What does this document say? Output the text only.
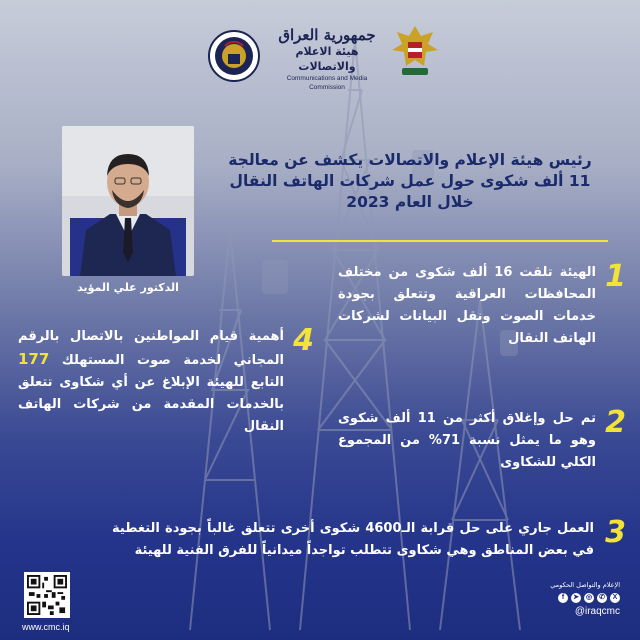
جمهورية العراق
هيئة الاعلام والاتصالات
Communications and Media Commission
الدكتور علي المؤيد
رئيس هيئة الإعلام والاتصالات يكشف عن معالجة
11 ألف شكوى حول عمل شركات الهاتف النقال
خلال العام 2023
1
الهيئة تلقت 16 ألف شكوى من مختلف المحافظات العراقية وتتعلق بجودة خدمات الصوت ونقل البيانات لشركات الهاتف النقال
2
تم حل وإغلاق أكثر من 11 ألف شكوى وهو ما يمثل نسبة 71% من المجموع الكلي للشكاوى
3
العمل جاري على حل قرابة الـ4600 شكوى أخرى تتعلق غالباً بجودة التغطية في بعض المناطق وهي شكاوى تتطلب تواجداً ميدانياً للفرق الفنية للهيئة
4
أهمية قيام المواطنين بالاتصال بالرقم المجاني لخدمة صوت المستهلك 177 التابع للهيئة الإبلاغ عن أي شكاوى تتعلق بالخدمات المقدمة من شركات الهاتف النقال
www.cmc.iq
الإعلام والتواصل الحكومي
f	➤ ◎ ✆	X
@iraqcmc
